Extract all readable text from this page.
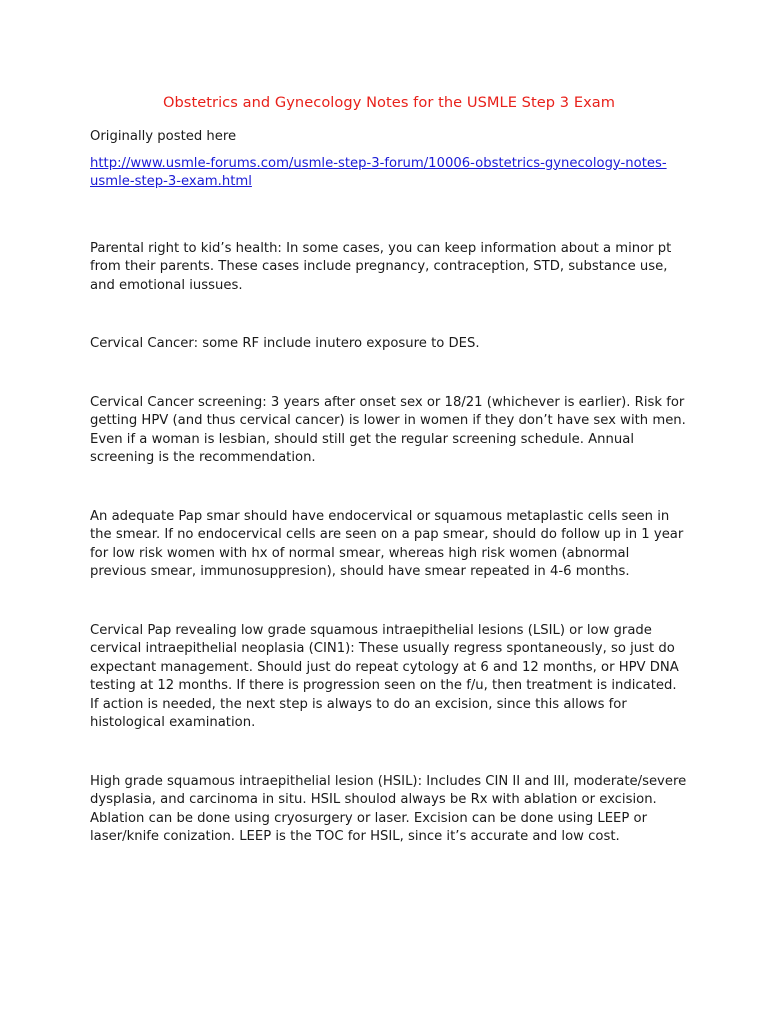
Obstetrics and Gynecology Notes for the USMLE Step 3 Exam

Originally posted here

http://www.usmle-forums.com/usmle-step-3-forum/10006-obstetrics-gynecology-notes-usmle-step-3-exam.html

Parental right to kid’s health: In some cases, you can keep information about a minor pt from their parents. These cases include pregnancy, contraception, STD, substance use, and emotional iussues.

Cervical Cancer: some RF include inutero exposure to DES.

Cervical Cancer screening: 3 years after onset sex or 18/21 (whichever is earlier). Risk for getting HPV (and thus cervical cancer) is lower in women if they don’t have sex with men. Even if a woman is lesbian, should still get the regular screening schedule. Annual screening is the recommendation.

An adequate Pap smar should have endocervical or squamous metaplastic cells seen in the smear. If no endocervical cells are seen on a pap smear, should do follow up in 1 year for low risk women with hx of normal smear, whereas high risk women (abnormal previous smear, immunosuppresion), should have smear repeated in 4-6 months.

Cervical Pap revealing low grade squamous intraepithelial lesions (LSIL) or low grade cervical intraepithelial neoplasia (CIN1): These usually regress spontaneously, so just do expectant management. Should just do repeat cytology at 6 and 12 months, or HPV DNA testing at 12 months. If there is progression seen on the f/u, then treatment is indicated. If action is needed, the next step is always to do an excision, since this allows for histological examination.

High grade squamous intraepithelial lesion (HSIL): Includes CIN II and III, moderate/severe dysplasia, and carcinoma in situ. HSIL shoulod always be Rx with ablation or excision. Ablation can be done using cryosurgery or laser. Excision can be done using LEEP or laser/knife conization. LEEP is the TOC for HSIL, since it’s accurate and low cost.
